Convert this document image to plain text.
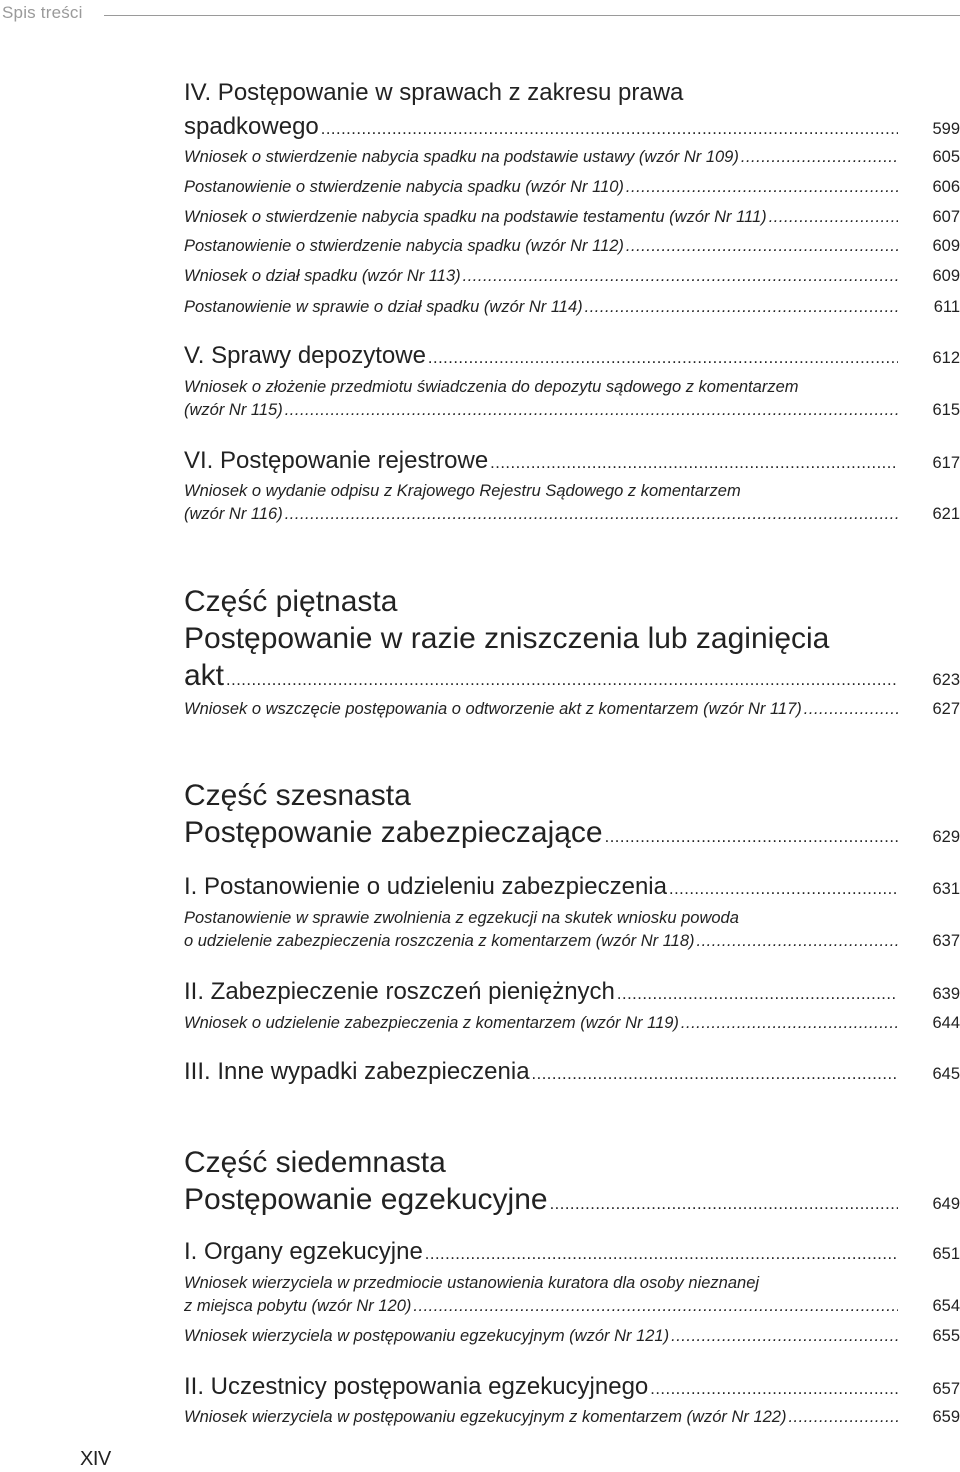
Spis treści
IV. Postępowanie w sprawach z zakresu prawa
spadkowego .....	599
Wniosek o stwierdzenie nabycia spadku na podstawie ustawy (wzór Nr 109) .....	605
Postanowienie o stwierdzenie nabycia spadku (wzór Nr 110) .....	606
Wniosek o stwierdzenie nabycia spadku na podstawie testamentu (wzór Nr 111) .....	607
Postanowienie o stwierdzenie nabycia spadku (wzór Nr 112) .....	609
Wniosek o dział spadku (wzór Nr 113) .....	609
Postanowienie w sprawie o dział spadku (wzór Nr 114) .....	611
V. Sprawy depozytowe .....	612
Wniosek o złożenie przedmiotu świadczenia do depozytu sądowego z komentarzem
(wzór Nr 115) .....	615
VI. Postępowanie rejestrowe .....	617
Wniosek o wydanie odpisu z Krajowego Rejestru Sądowego z komentarzem
(wzór Nr 116) .....	621
Część piętnasta
Postępowanie w razie zniszczenia lub zaginięcia
akt .....	623
Wniosek o wszczęcie postępowania o odtworzenie akt z komentarzem (wzór Nr 117) .....	627
Część szesnasta
Postępowanie zabezpieczające .....	629
I. Postanowienie o udzieleniu zabezpieczenia .....	631
Postanowienie w sprawie zwolnienia z egzekucji na skutek wniosku powoda
o udzielenie zabezpieczenia roszczenia z komentarzem (wzór Nr 118) .....	637
II. Zabezpieczenie roszczeń pieniężnych .....	639
Wniosek o udzielenie zabezpieczenia z komentarzem (wzór Nr 119) .....	644
III. Inne wypadki zabezpieczenia .....	645
Część siedemnasta
Postępowanie egzekucyjne .....	649
I. Organy egzekucyjne .....	651
Wniosek wierzyciela w przedmiocie ustanowienia kuratora dla osoby nieznanej
z miejsca pobytu (wzór Nr 120) .....	654
Wniosek wierzyciela w postępowaniu egzekucyjnym (wzór Nr 121) .....	655
II. Uczestnicy postępowania egzekucyjnego .....	657
Wniosek wierzyciela w postępowaniu egzekucyjnym z komentarzem (wzór Nr 122) .....	659
XIV
